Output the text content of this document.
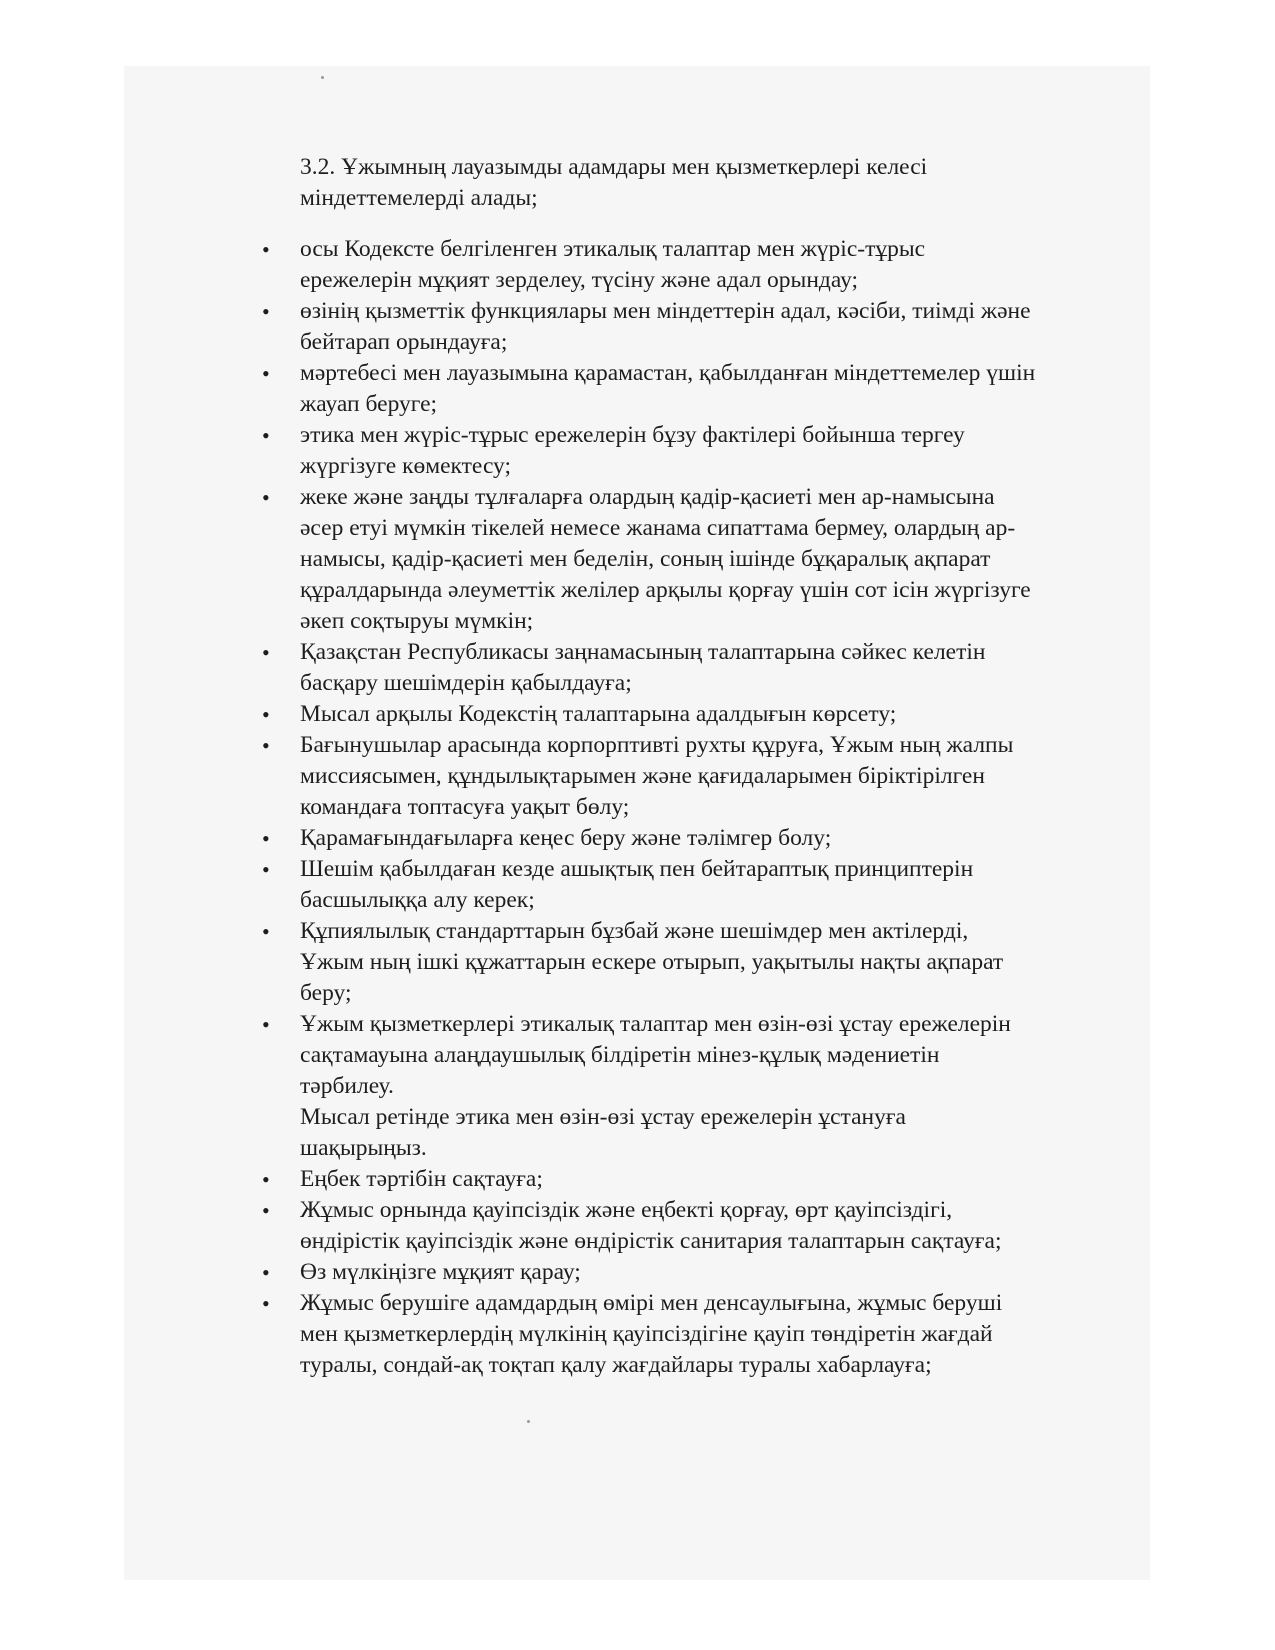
3.2. Ұжымның лауазымды адамдары мен қызметкерлері келесі
міндеттемелерді алады;
•	осы Кодексте белгіленген этикалық талаптар мен жүріс-тұрыс
ережелерін мұқият зерделеу, түсіну және адал орындау;
•	өзінің қызметтік функциялары мен міндеттерін адал, кәсіби, тиімді және
бейтарап орындауға;
•	мәртебесі мен лауазымына қарамастан, қабылданған міндеттемелер үшін
жауап беруге;
•	этика мен жүріс-тұрыс ережелерін бұзу фактілері бойынша тергеу
жүргізуге көмектесу;
•	жеке және заңды тұлғаларға олардың қадір-қасиеті мен ар-намысына
әсер етуі мүмкін тікелей немесе жанама сипаттама бермеу, олардың ар-
намысы, қадір-қасиеті мен беделін, соның ішінде бұқаралық ақпарат
құралдарында әлеуметтік желілер арқылы қорғау үшін сот ісін жүргізуге
әкеп соқтыруы мүмкін;
•	Қазақстан Республикасы заңнамасының талаптарына сәйкес келетін
басқару шешімдерін қабылдауға;
•	Мысал арқылы Кодекстің талаптарына адалдығын көрсету;
•	Бағынушылар арасында корпорптивті рухты құруға, Ұжым ның жалпы
миссиясымен, құндылықтарымен және қағидаларымен біріктірілген
командаға топтасуға уақыт бөлу;
•	Қарамағындағыларға кеңес беру және тәлімгер болу;
•	Шешім қабылдаған кезде ашықтық пен бейтараптық принциптерін
басшылыққа алу керек;
•	Құпиялылық стандарттарын бұзбай және шешімдер мен актілерді,
Ұжым ның ішкі құжаттарын ескере отырып, уақытылы нақты ақпарат
беру;
•	Ұжым қызметкерлері этикалық талаптар мен өзін-өзі ұстау ережелерін
сақтамауына алаңдаушылық білдіретін мінез-құлық мәдениетін
тәрбилеу.
Мысал ретінде этика мен өзін-өзі ұстау ережелерін ұстануға
шақырыңыз.
•	Еңбек тәртібін сақтауға;
•	Жұмыс орнында қауіпсіздік және еңбекті қорғау, өрт қауіпсіздігі,
өндірістік қауіпсіздік және өндірістік санитария талаптарын сақтауға;
•	Өз мүлкіңізге мұқият қарау;
•	Жұмыс берушіге адамдардың өмірі мен денсаулығына, жұмыс беруші
мен қызметкерлердің мүлкінің қауіпсіздігіне қауіп төндіретін жағдай
туралы, сондай-ақ тоқтап қалу жағдайлары туралы хабарлауға;
